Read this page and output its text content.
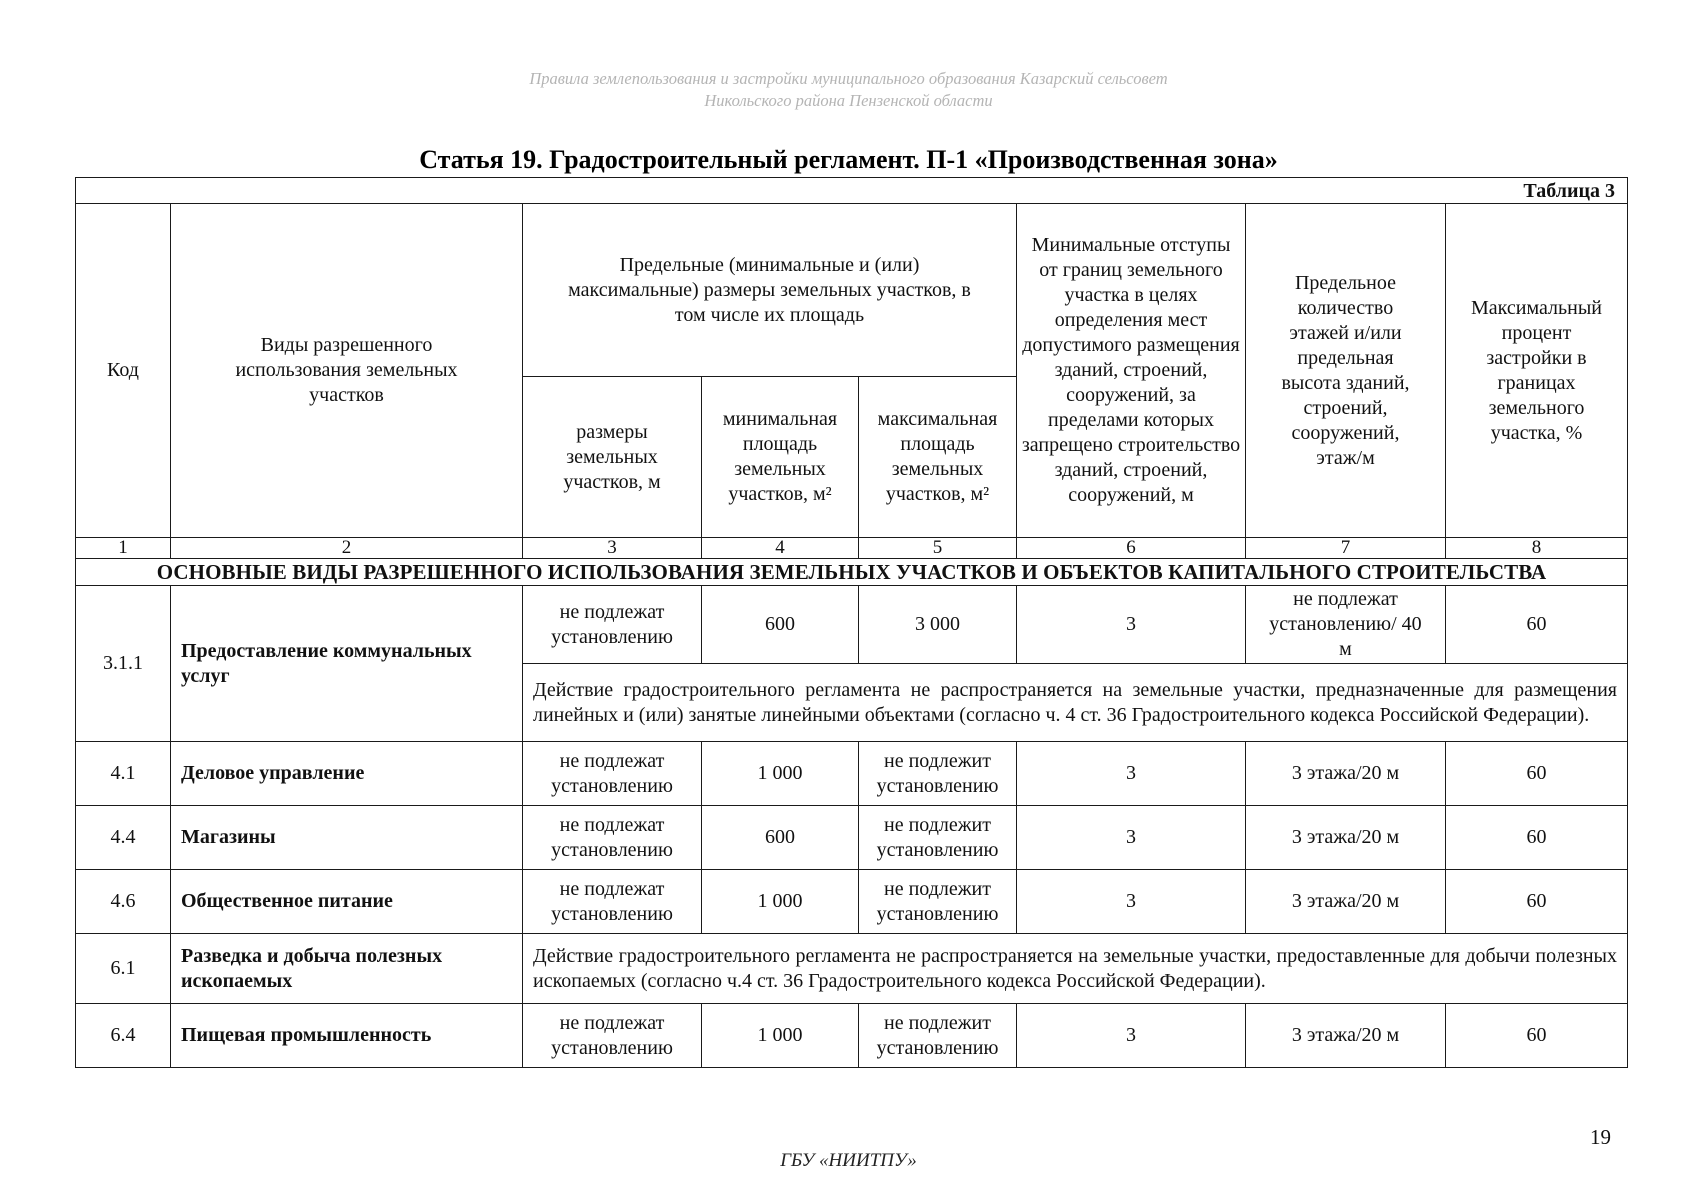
Правила землепользования и застройки муниципального образования Казарский сельсовет
Никольского района Пензенской области
Статья 19. Градостроительный регламент. П-1 «Производственная зона»
Таблица 3							
Код	Виды разрешенного использования земельных участков	Предельные (минимальные и (или) максимальные) размеры земельных участков, в том числе их площадь			Минимальные отступы от границ земельного участка в целях определения мест допустимого размещения зданий, строений, сооружений, за пределами которых запрещено строительство зданий, строений, сооружений, м	Предельное количество этажей и/или предельная высота зданий, строений, сооружений, этаж/м	Максимальный процент застройки в границах земельного участка, %
		размеры земельных участков, м	минимальная площадь земельных участков, м²	максимальная площадь земельных участков, м²			
1	2	3	4	5	6	7	8
ОСНОВНЫЕ ВИДЫ РАЗРЕШЕННОГО ИСПОЛЬЗОВАНИЯ ЗЕМЕЛЬНЫХ УЧАСТКОВ И ОБЪЕКТОВ КАПИТАЛЬНОГО СТРОИТЕЛЬСТВА							
3.1.1	Предоставление коммунальных услуг	не подлежат установлению	600	3 000	3	не подлежат установлению/ 40 м	60
		Действие градостроительного регламента не распространяется на земельные участки, предназначенные для размещения линейных и (или) занятые линейными объектами (согласно ч. 4 ст. 36 Градостроительного кодекса Российской Федерации).					
4.1	Деловое управление	не подлежат установлению	1 000	не подлежит установлению	3	3 этажа/20 м	60
4.4	Магазины	не подлежат установлению	600	не подлежит установлению	3	3 этажа/20 м	60
4.6	Общественное питание	не подлежат установлению	1 000	не подлежит установлению	3	3 этажа/20 м	60
6.1	Разведка и добыча полезных ископаемых	Действие градостроительного регламента не распространяется на земельные участки, предоставленные для добычи полезных ископаемых (согласно ч.4 ст. 36 Градостроительного кодекса Российской Федерации).					
6.4	Пищевая промышленность	не подлежат установлению	1 000	не подлежит установлению	3	3 этажа/20 м	60
19
ГБУ «НИИТПУ»
